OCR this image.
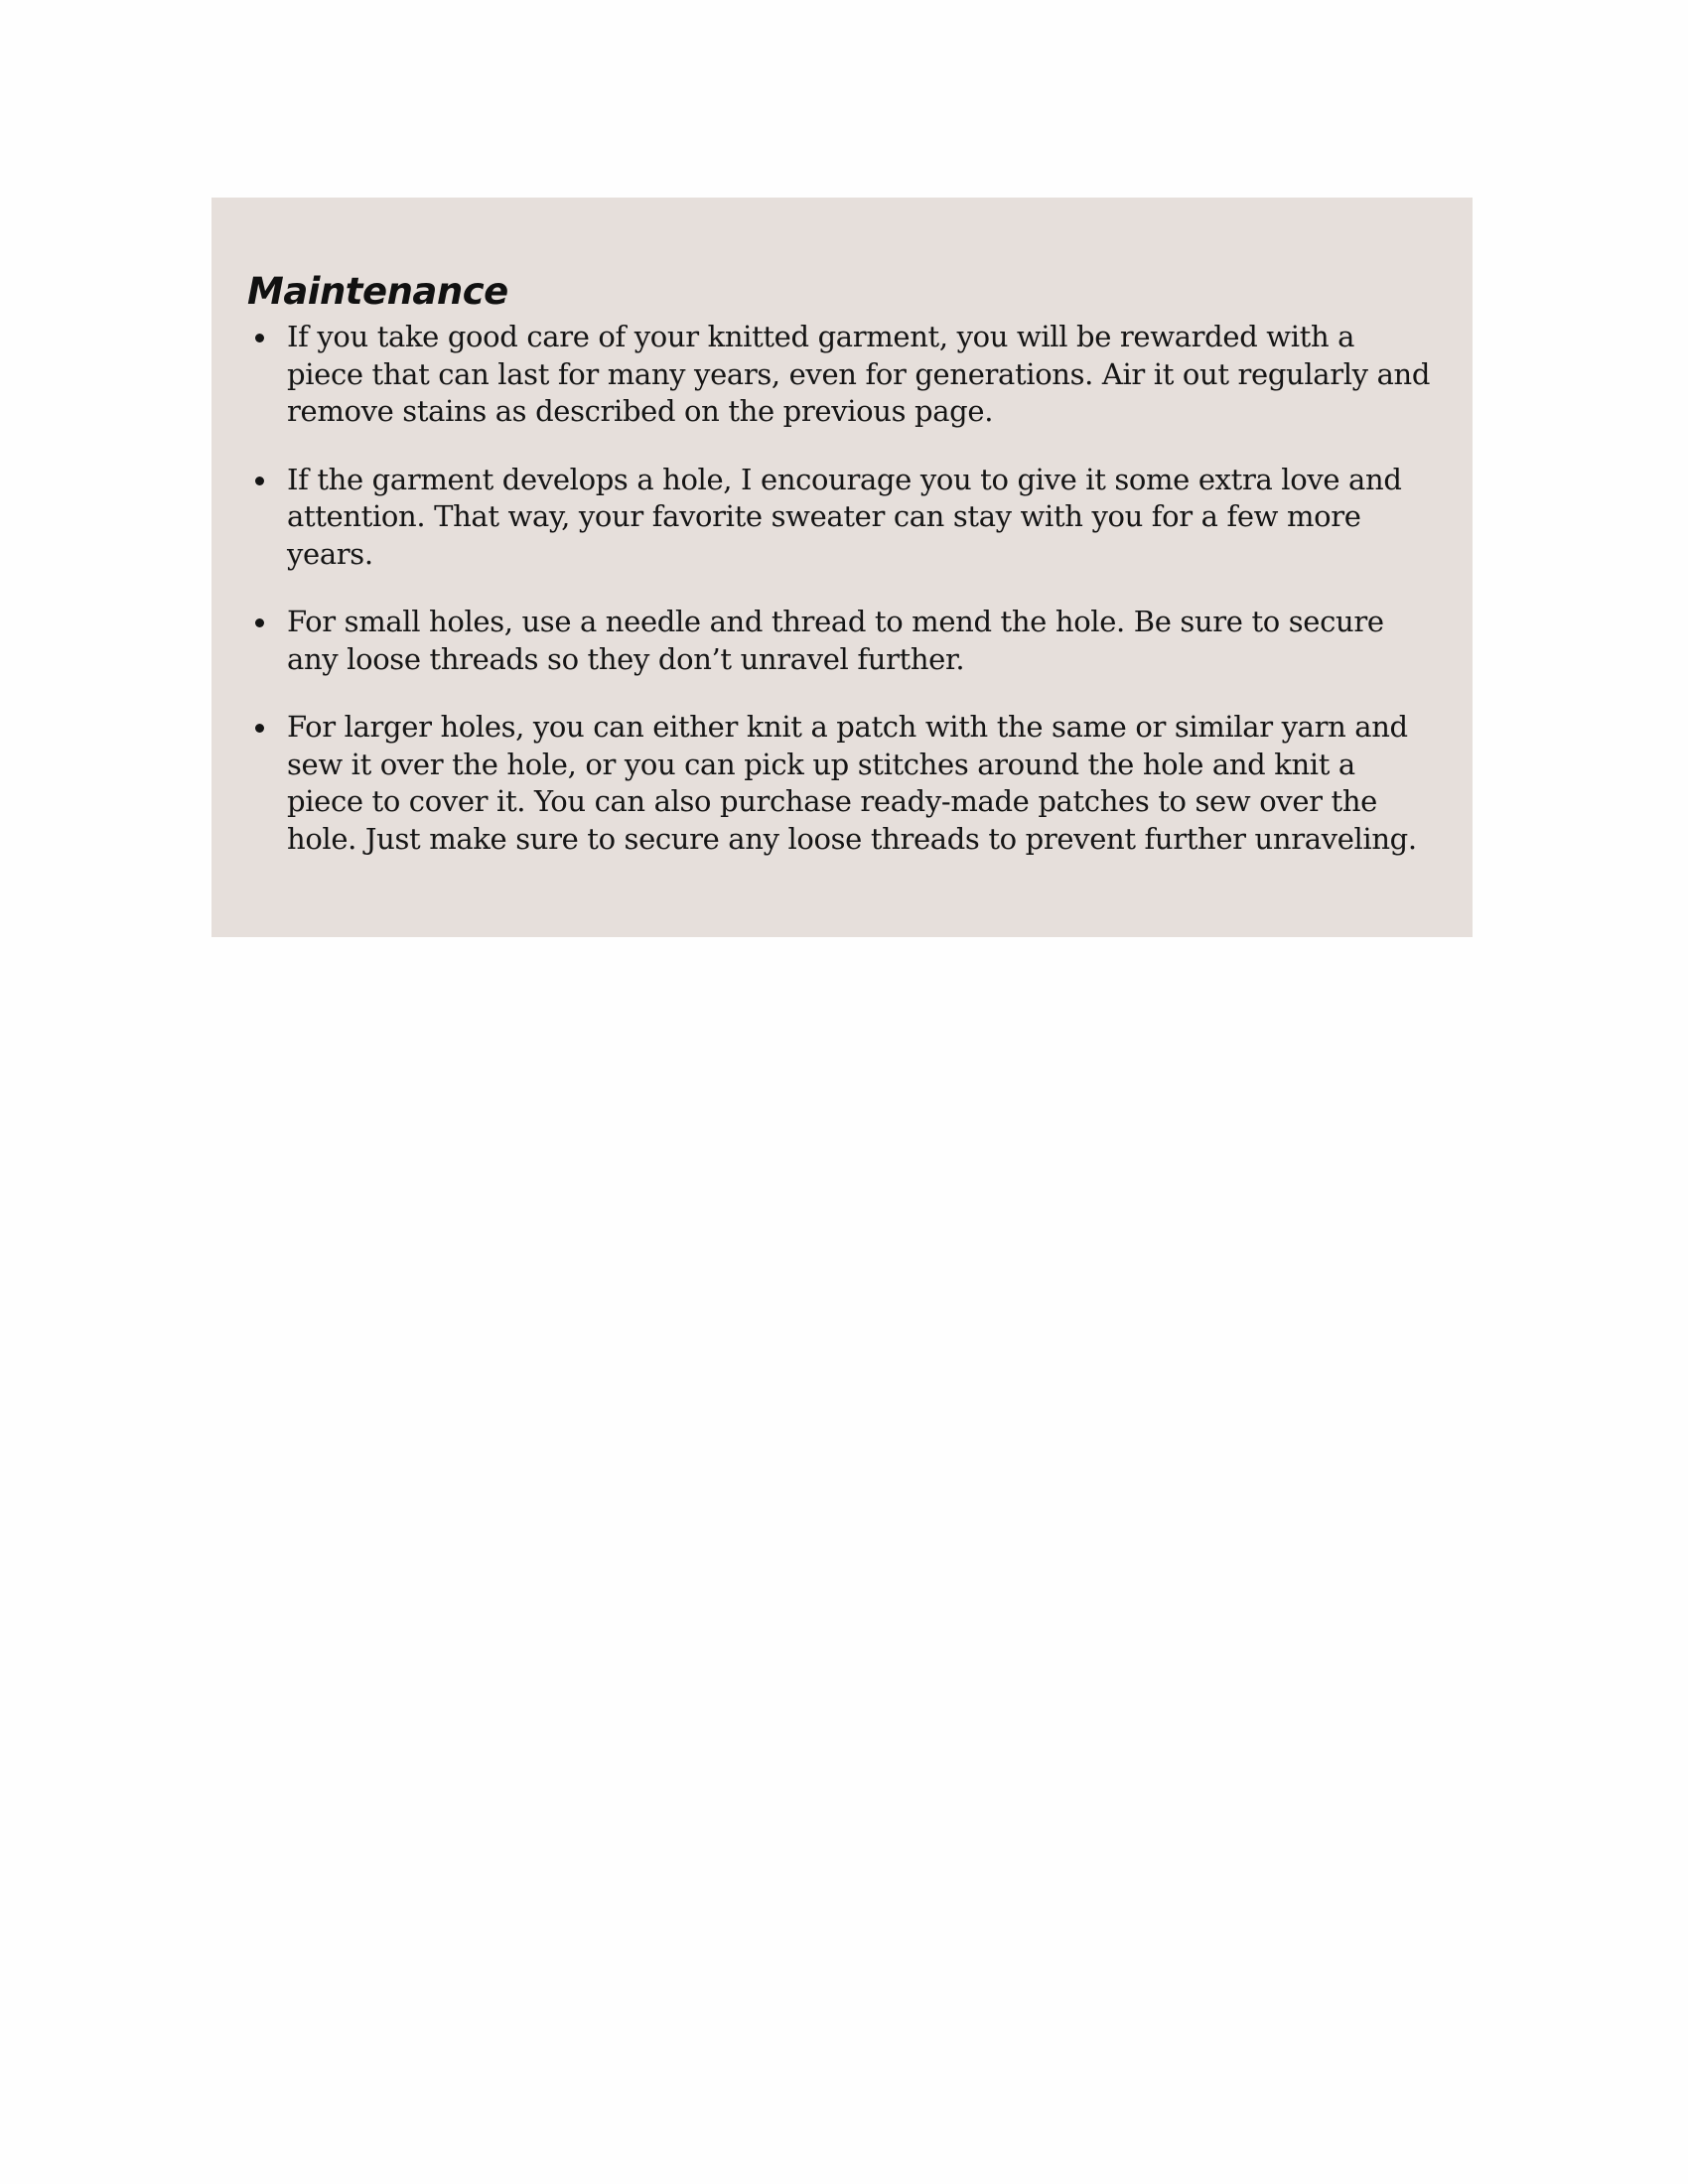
Maintenance
If you take good care of your knitted garment, you will be rewarded with a piece that can last for many years, even for generations. Air it out regularly and remove stains as described on the previous page.
If the garment develops a hole, I encourage you to give it some extra love and attention. That way, your favorite sweater can stay with you for a few more years.
For small holes, use a needle and thread to mend the hole. Be sure to secure any loose threads so they don’t unravel further.
For larger holes, you can either knit a patch with the same or similar yarn and sew it over the hole, or you can pick up stitches around the hole and knit a piece to cover it. You can also purchase ready-made patches to sew over the hole. Just make sure to secure any loose threads to prevent further unraveling.
